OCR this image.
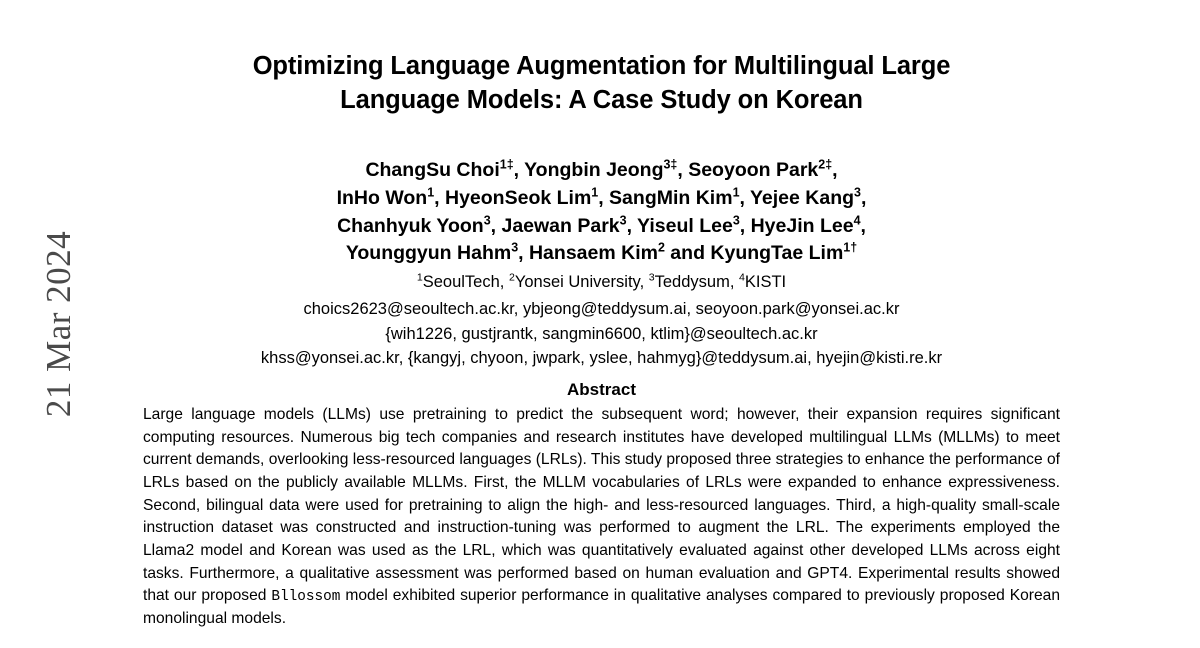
21 Mar 2024
Optimizing Language Augmentation for Multilingual Large
Language Models: A Case Study on Korean
ChangSu Choi$^{1\ddagger}$, Yongbin Jeong$^{3\ddagger}$, Seoyoon Park$^{2\ddagger}$,
InHo Won$^1$, HyeonSeok Lim$^1$, SangMin Kim$^1$, Yejee Kang$^3$,
Chanhyuk Yoon$^3$, Jaewan Park$^3$, Yiseul Lee$^3$, HyeJin Lee$^4$,
Younggyun Hahm$^3$, Hansaem Kim$^2$ and KyungTae Lim$^{1\dagger}$
$^1$SeoulTech, $^2$Yonsei University, $^3$Teddysum, $^4$KISTI
choics2623@seoultech.ac.kr, ybjeong@teddysum.ai, seoyoon.park@yonsei.ac.kr
{wih1226, gustjrantk, sangmin6600, ktlim}@seoultech.ac.kr
khss@yonsei.ac.kr, {kangyj, chyoon, jwpark, yslee, hahmyg}@teddysum.ai, hyejin@kisti.re.kr
Abstract

Large language models (LLMs) use pretraining to predict the subsequent word; however, their expansion requires significant computing resources. Numerous big tech companies and research institutes have developed multilingual LLMs (MLLMs) to meet current demands, overlooking less-resourced languages (LRLs). This study proposed three strategies to enhance the performance of LRLs based on the publicly available MLLMs. First, the MLLM vocabularies of LRLs were expanded to enhance expressiveness. Second, bilingual data were used for pretraining to align the high- and less-resourced languages. Third, a high-quality small-scale instruction dataset was constructed and instruction-tuning was performed to augment the LRL. The experiments employed the Llama2 model and Korean was used as the LRL, which was quantitatively evaluated against other developed LLMs across eight tasks. Furthermore, a qualitative assessment was performed based on human evaluation and GPT4. Experimental results showed that our proposed Bllossom model exhibited superior performance in qualitative analyses compared to previously proposed Korean monolingual models.
